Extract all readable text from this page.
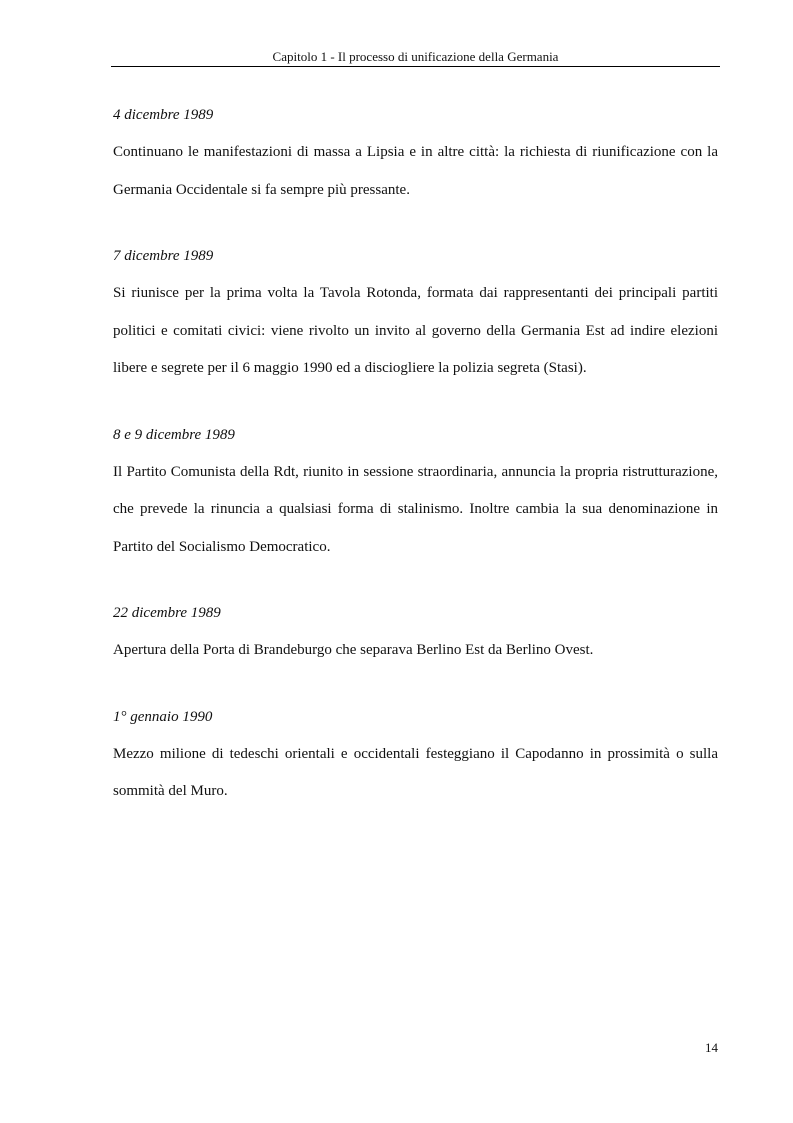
Capitolo 1 - Il processo di unificazione della Germania

4 dicembre 1989

Continuano le manifestazioni di massa a Lipsia e in altre città: la richiesta di riunificazione con la Germania Occidentale si fa sempre più pressante.

7 dicembre 1989

Si riunisce per la prima volta la Tavola Rotonda, formata dai rappresentanti dei principali partiti politici e comitati civici: viene rivolto un invito al governo della Germania Est ad indire elezioni libere e segrete per il 6 maggio 1990 ed a disciogliere la polizia segreta (Stasi).

8 e 9 dicembre 1989

Il Partito Comunista della Rdt, riunito in sessione straordinaria, annuncia la propria ristrutturazione, che prevede la rinuncia a qualsiasi forma di stalinismo. Inoltre cambia la sua denominazione in Partito del Socialismo Democratico.

22 dicembre 1989

Apertura della Porta di Brandeburgo che separava Berlino Est da Berlino Ovest.

1° gennaio 1990

Mezzo milione di tedeschi orientali e occidentali festeggiano il Capodanno in prossimità o sulla sommità del Muro.

14
